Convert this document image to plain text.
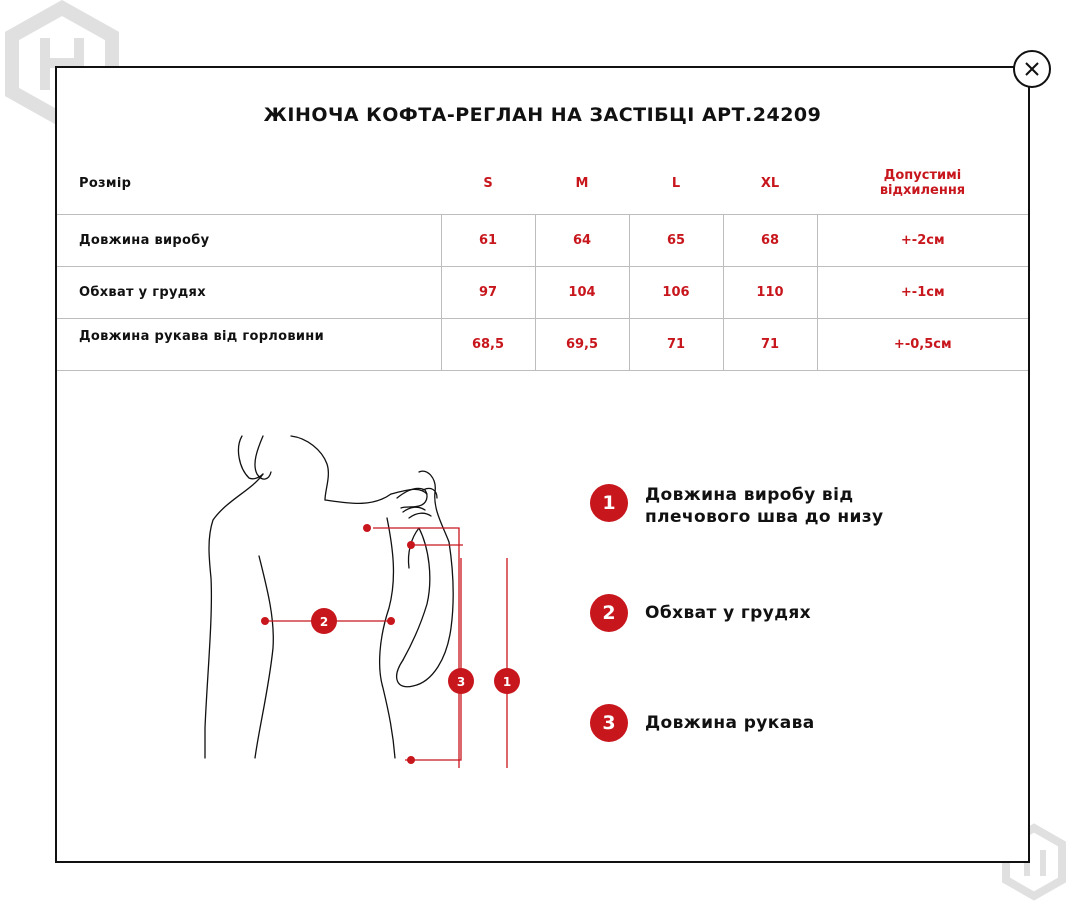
ЖІНОЧА КОФТА-РЕГЛАН НА ЗАСТІБЦІ АРТ.24209
Розмір	S	M	L	XL	Допустимі
відхилення

Довжина виробу	61	64	65	68	+-2см
Обхват у грудях	97	104	106	110	+-1см
Довжина рукава від горловини	68,5	69,5	71	71	+-0,5см
1
2
3
1	Довжина виробу від
плечового шва до низу
2	Обхват у грудях
3	Довжина рукава
